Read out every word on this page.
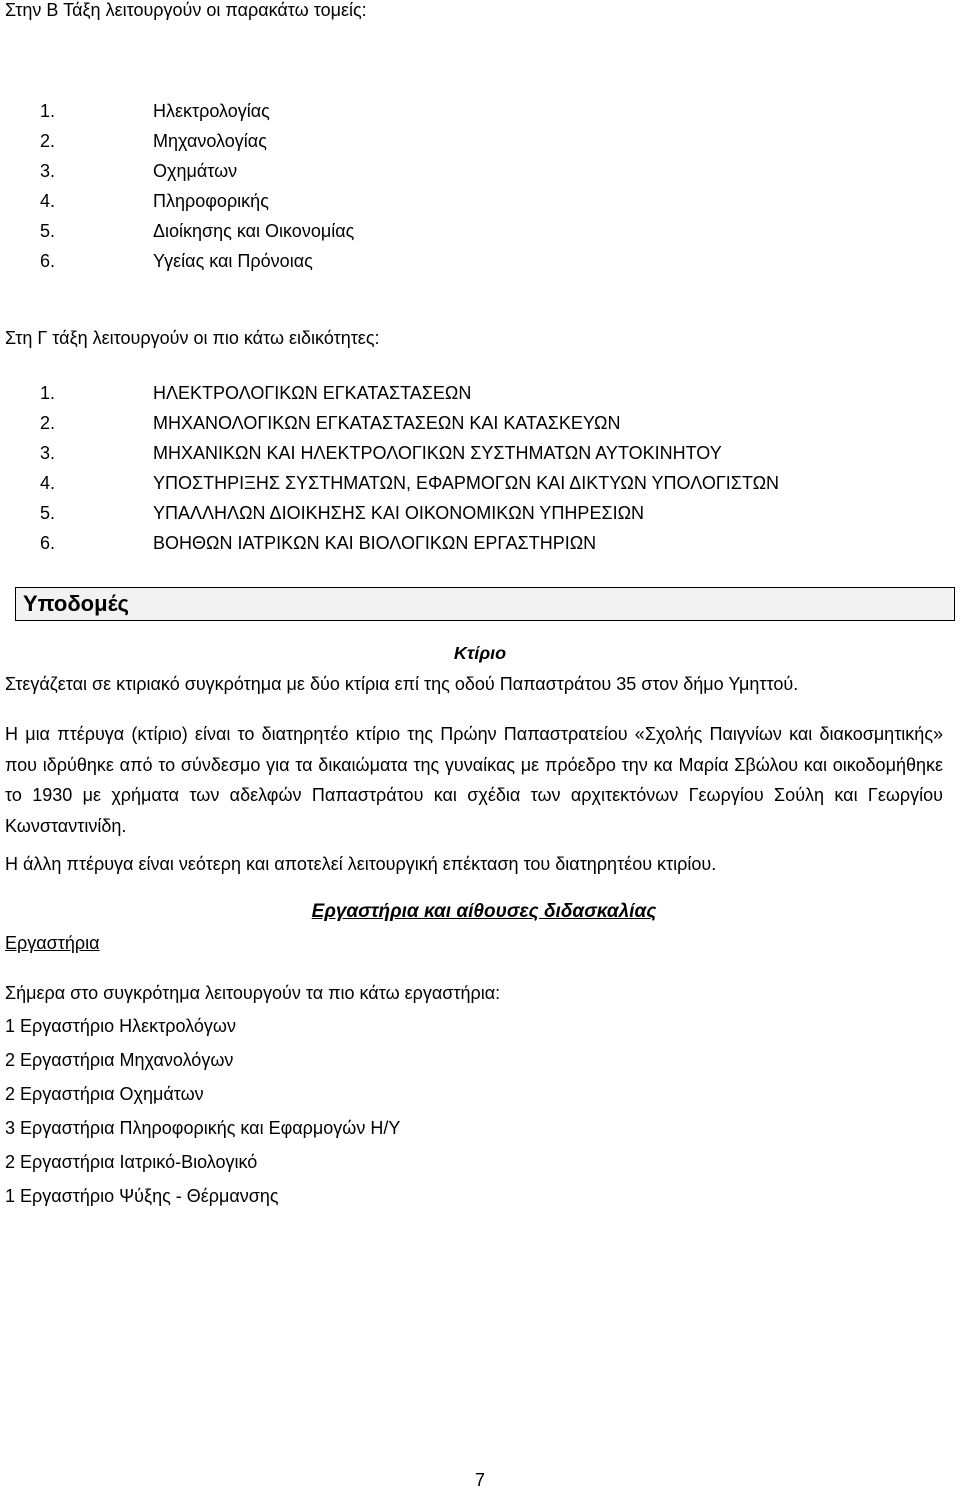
Στην Β Τάξη λειτουργούν οι παρακάτω τομείς:
1.	Ηλεκτρολογίας
2.	Μηχανολογίας
3.	Οχημάτων
4.	Πληροφορικής
5.	Διοίκησης και Οικονομίας
6.	Υγείας και Πρόνοιας
Στη Γ τάξη λειτουργούν οι πιο κάτω ειδικότητες:
1.	ΗΛΕΚΤΡΟΛΟΓΙΚΩΝ ΕΓΚΑΤΑΣΤΑΣΕΩΝ
2.	ΜΗΧΑΝΟΛΟΓΙΚΩΝ ΕΓΚΑΤΑΣΤΑΣΕΩΝ ΚΑΙ ΚΑΤΑΣΚΕΥΩΝ
3.	ΜΗΧΑΝΙΚΩΝ ΚΑΙ ΗΛΕΚΤΡΟΛΟΓΙΚΩΝ ΣΥΣΤΗΜΑΤΩΝ ΑΥΤΟΚΙΝΗΤΟΥ
4.	ΥΠΟΣΤΗΡΙΞΗΣ ΣΥΣΤΗΜΑΤΩΝ, ΕΦΑΡΜΟΓΩΝ ΚΑΙ ΔΙΚΤΥΩΝ ΥΠΟΛΟΓΙΣΤΩΝ
5.	ΥΠΑΛΛΗΛΩΝ ΔΙΟΙΚΗΣΗΣ ΚΑΙ ΟΙΚΟΝΟΜΙΚΩΝ ΥΠΗΡΕΣΙΩΝ
6.	ΒΟΗΘΩΝ ΙΑΤΡΙΚΩΝ ΚΑΙ ΒΙΟΛΟΓΙΚΩΝ ΕΡΓΑΣΤΗΡΙΩΝ
Υποδομές
Κτίριο
Στεγάζεται σε κτιριακό συγκρότημα με δύο κτίρια επί της οδού Παπαστράτου 35 στον δήμο Υμηττού.
Η μια πτέρυγα (κτίριο) είναι το διατηρητέο κτίριο της Πρώην Παπαστρατείου «Σχολής Παιγνίων και διακοσμητικής» που ιδρύθηκε από το σύνδεσμο για τα δικαιώματα της γυναίκας με πρόεδρο την κα Μαρία Σβώλου και οικοδομήθηκε το 1930 με χρήματα των αδελφών Παπαστράτου και σχέδια των αρχιτεκτόνων Γεωργίου Σούλη και Γεωργίου Κωνσταντινίδη.
Η άλλη πτέρυγα είναι νεότερη και αποτελεί λειτουργική επέκταση του διατηρητέου κτιρίου.
Εργαστήρια και αίθουσες διδασκαλίας
Εργαστήρια
Σήμερα στο συγκρότημα λειτουργούν τα πιο κάτω εργαστήρια:
1 Εργαστήριο Ηλεκτρολόγων
2 Εργαστήρια Μηχανολόγων
2 Εργαστήρια Οχημάτων
3 Εργαστήρια Πληροφορικής και Εφαρμογών Η/Υ
2 Εργαστήρια Ιατρικό-Βιολογικό
1 Εργαστήριο Ψύξης - Θέρμανσης
7
